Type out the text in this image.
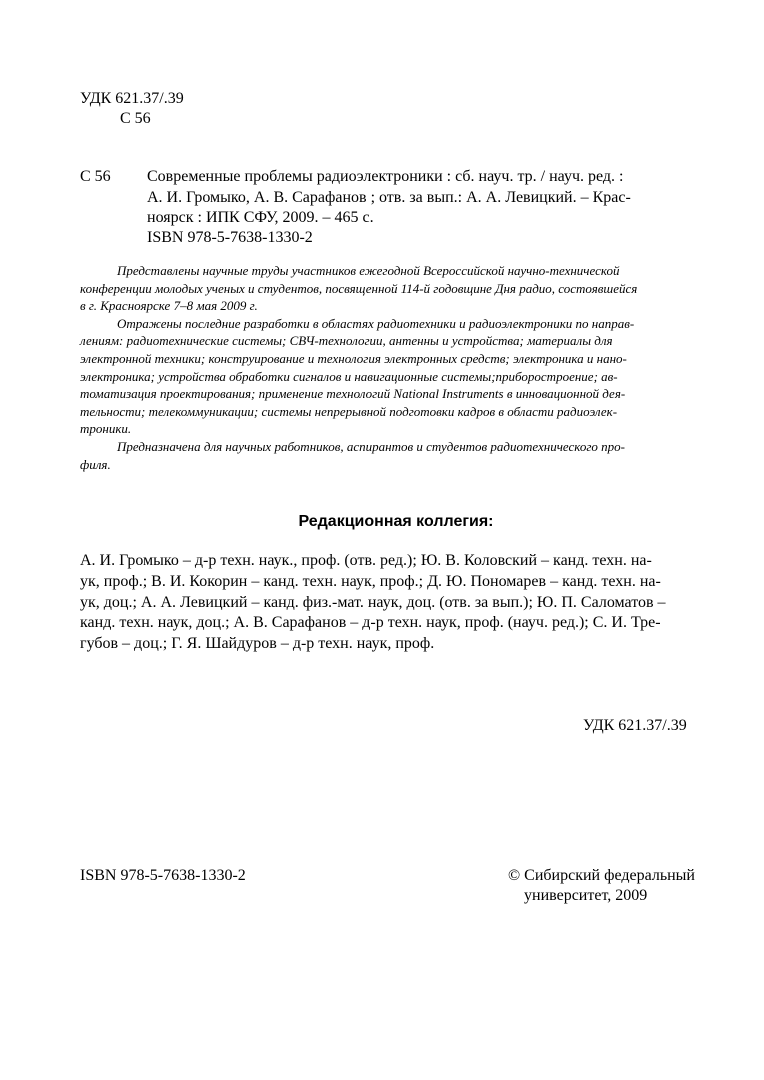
УДК 621.37/.39
С 56
С 56 Современные проблемы радиоэлектроники : сб. науч. тр. / науч. ред. :
А. И. Громыко, А. В. Сарафанов ; отв. за вып.: А. А. Левицкий. – Крас-
ноярск : ИПК СФУ, 2009. – 465 с.
ISBN 978-5-7638-1330-2

Представлены научные труды участников ежегодной Всероссийской научно-технической
конференции молодых ученых и студентов, посвященной 114-й годовщине Дня радио, состоявшейся
в г. Красноярске 7–8 мая 2009 г.

Отражены последние разработки в областях радиотехники и радиоэлектроники по направ-
лениям: радиотехнические системы; СВЧ-технологии, антенны и устройства; материалы для
электронной техники; конструирование и технология электронных средств; электроника и нано-
электроника; устройства обработки сигналов и навигационные системы;приборостроение; ав-
томатизация проектирования; применение технологий National Instruments в инновационной дея-
тельности; телекоммуникации; системы непрерывной подготовки кадров в области радиоэлек-
троники.

Предназначена для научных работников, аспирантов и студентов радиотехнического про-
филя.

Редакционная коллегия:
А. И. Громыко – д-р техн. наук., проф. (отв. ред.); Ю. В. Коловский – канд. техн. на-
ук, проф.; В. И. Кокорин – канд. техн. наук, проф.; Д. Ю. Пономарев – канд. техн. на-
ук, доц.; А. А. Левицкий – канд. физ.-мат. наук, доц. (отв. за вып.); Ю. П. Саломатов –
канд. техн. наук, доц.; А. В. Сарафанов – д-р техн. наук, проф. (науч. ред.); С. И. Тре-
губов – доц.; Г. Я. Шайдуров – д-р техн. наук, проф.
УДК 621.37/.39
ISBN 978-5-7638-1330-2	© Сибирский федеральный
университет, 2009
